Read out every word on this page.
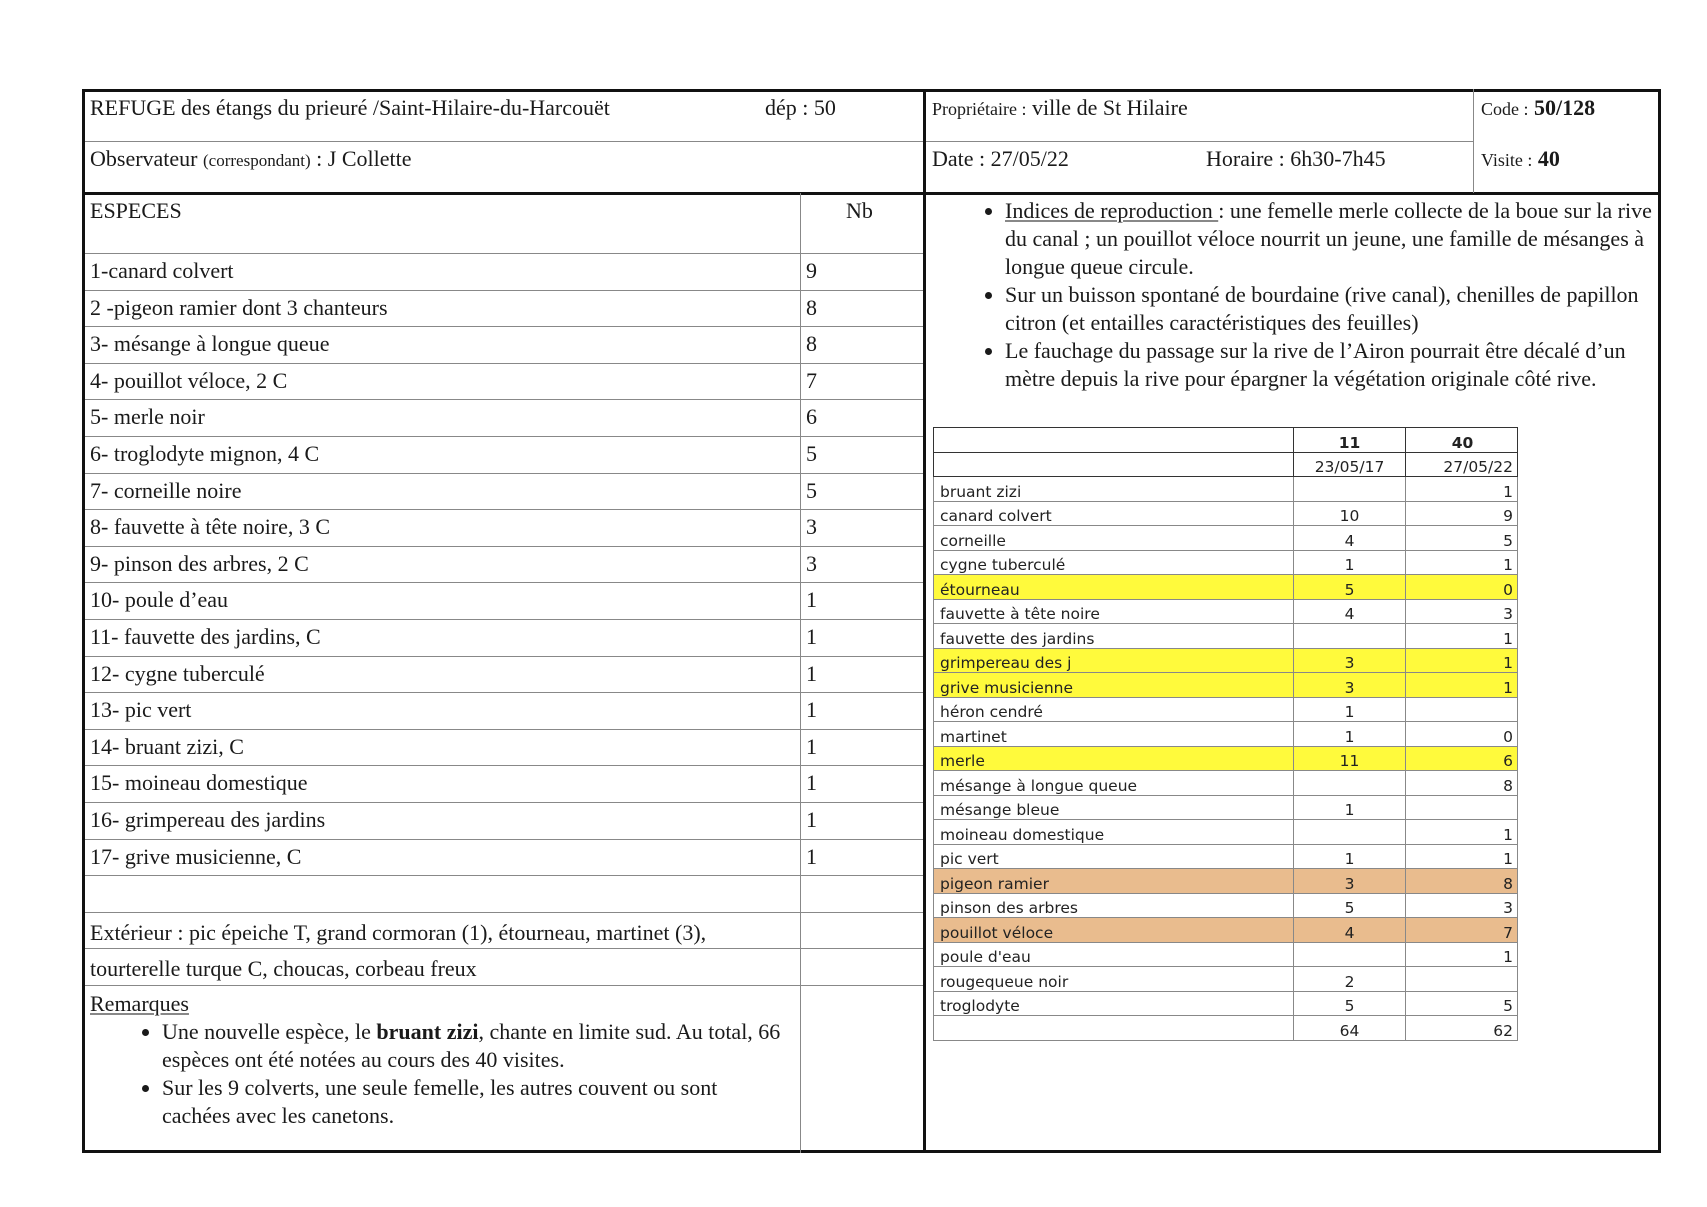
REFUGE des étangs du prieuré /Saint-Hilaire-du-Harcouët	dép : 50
Observateur (correspondant) : J Collette
Propriétaire : ville de St Hilaire
Date : 27/05/22	Horaire : 6h30-7h45
Code : 50/128
Visite : 40
ESPECES	Nb
1-canard colvert	9
2 -pigeon ramier dont 3 chanteurs	8
3- mésange à longue queue	8
4- pouillot véloce, 2 C	7
5- merle noir	6
6- troglodyte mignon, 4 C	5
7- corneille noire	5
8- fauvette à tête noire, 3 C	3
9- pinson des arbres, 2 C	3
10- poule d’eau	1
11- fauvette des jardins, C	1
12- cygne tuberculé	1
13- pic vert	1
14- bruant zizi, C	1
15- moineau domestique	1
16- grimpereau des jardins	1
17- grive musicienne, C	1
Extérieur : pic épeiche T, grand cormoran (1), étourneau, martinet (3),
tourterelle turque C, choucas, corbeau freux
Remarques
• Une nouvelle espèce, le bruant zizi, chante en limite sud. Au total, 66 espèces ont été notées au cours des 40 visites.
• Sur les 9 colverts, une seule femelle, les autres couvent ou sont cachées avec les canetons.
• Indices de reproduction : une femelle merle collecte de la boue sur la rive du canal ; un pouillot véloce nourrit un jeune, une famille de mésanges à longue queue circule.
• Sur un buisson spontané de bourdaine (rive canal), chenilles de papillon citron (et entailles caractéristiques des feuilles)
• Le fauchage du passage sur la rive de l’Airon pourrait être décalé d’un mètre depuis la rive pour épargner la végétation originale côté rive.
	11	40
	23/05/17	27/05/22
bruant zizi		1
canard colvert	10	9
corneille	4	5
cygne tuberculé	1	1
étourneau	5	0
fauvette à tête noire	4	3
fauvette des jardins		1
grimpereau des j	3	1
grive musicienne	3	1
héron cendré	1	
martinet	1	0
merle	11	6
mésange à longue queue		8
mésange bleue	1	
moineau domestique		1
pic vert	1	1
pigeon ramier	3	8
pinson des arbres	5	3
pouillot véloce	4	7
poule d'eau		1
rougequeue noir	2	
troglodyte	5	5
	64	62
